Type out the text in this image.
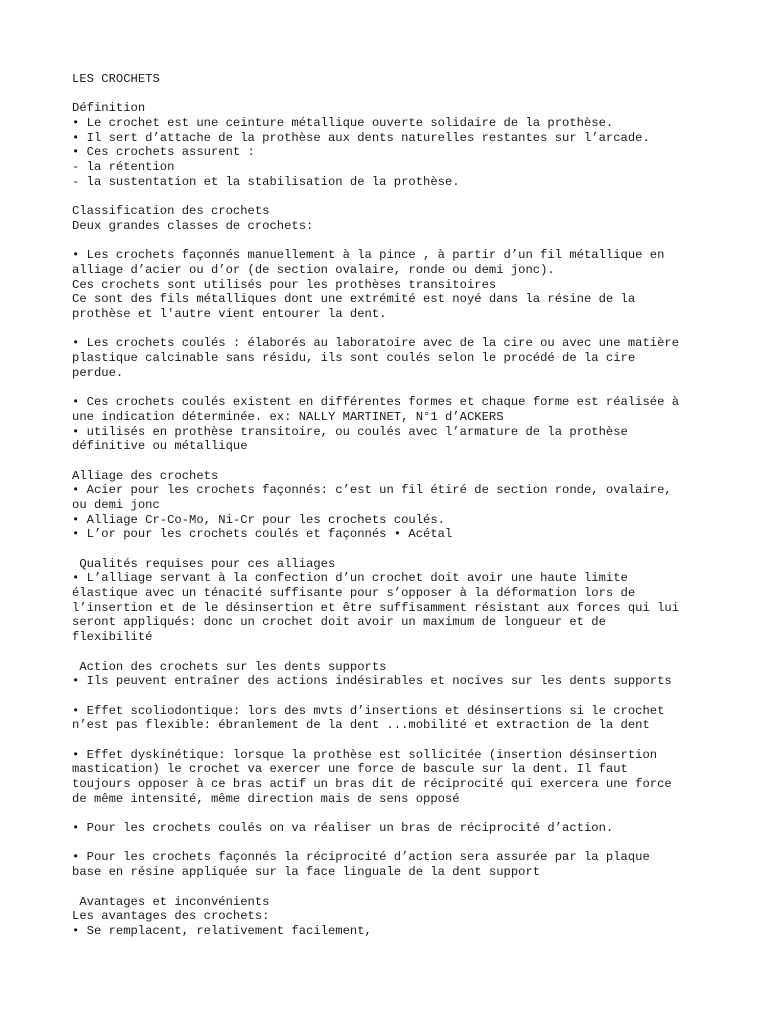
LES CROCHETS
Définition
• Le crochet est une ceinture métallique ouverte solidaire de la prothèse.
• Il sert d’attache de la prothèse aux dents naturelles restantes sur l’arcade.
• Ces crochets assurent :
- la rétention
- la sustentation et la stabilisation de la prothèse.
Classification des crochets
Deux grandes classes de crochets:
• Les crochets façonnés manuellement à la pince , à partir d’un fil métallique en
alliage d’acier ou d’or (de section ovalaire, ronde ou demi jonc).
Ces crochets sont utilisés pour les prothèses transitoires
Ce sont des fils métalliques dont une extrémité est noyé dans la résine de la
prothèse et l'autre vient entourer la dent.
• Les crochets coulés : élaborés au laboratoire avec de la cire ou avec une matière
plastique calcinable sans résidu, ils sont coulés selon le procédé de la cire
perdue.
• Ces crochets coulés existent en différentes formes et chaque forme est réalisée à
une indication déterminée. ex: NALLY MARTINET, N°1 d’ACKERS
• utilisés en prothèse transitoire, ou coulés avec l’armature de la prothèse
définitive ou métallique
Alliage des crochets
• Acier pour les crochets façonnés: c’est un fil étiré de section ronde, ovalaire,
ou demi jonc
• Alliage Cr-Co-Mo, Ni-Cr pour les crochets coulés.
• L’or pour les crochets coulés et façonnés • Acétal
Qualités requises pour ces alliages
• L’alliage servant à la confection d’un crochet doit avoir une haute limite
élastique avec un ténacité suffisante pour s’opposer à la déformation lors de
l’insertion et de le désinsertion et être suffisamment résistant aux forces qui lui
seront appliqués: donc un crochet doit avoir un maximum de longueur et de
flexibilité
Action des crochets sur les dents supports
• Ils peuvent entraîner des actions indésirables et nocives sur les dents supports
• Effet scoliodontique: lors des mvts d’insertions et désinsertions si le crochet
n’est pas flexible: ébranlement de la dent ...mobilité et extraction de la dent
• Effet dyskinétique: lorsque la prothèse est sollicitée (insertion désinsertion
mastication) le crochet va exercer une force de bascule sur la dent. Il faut
toujours opposer à ce bras actif un bras dit de réciprocité qui exercera une force
de même intensité, même direction mais de sens opposé
• Pour les crochets coulés on va réaliser un bras de réciprocité d’action.
• Pour les crochets façonnés la réciprocité d’action sera assurée par la plaque
base en résine appliquée sur la face linguale de la dent support
Avantages et inconvénients
Les avantages des crochets:
• Se remplacent, relativement facilement,
